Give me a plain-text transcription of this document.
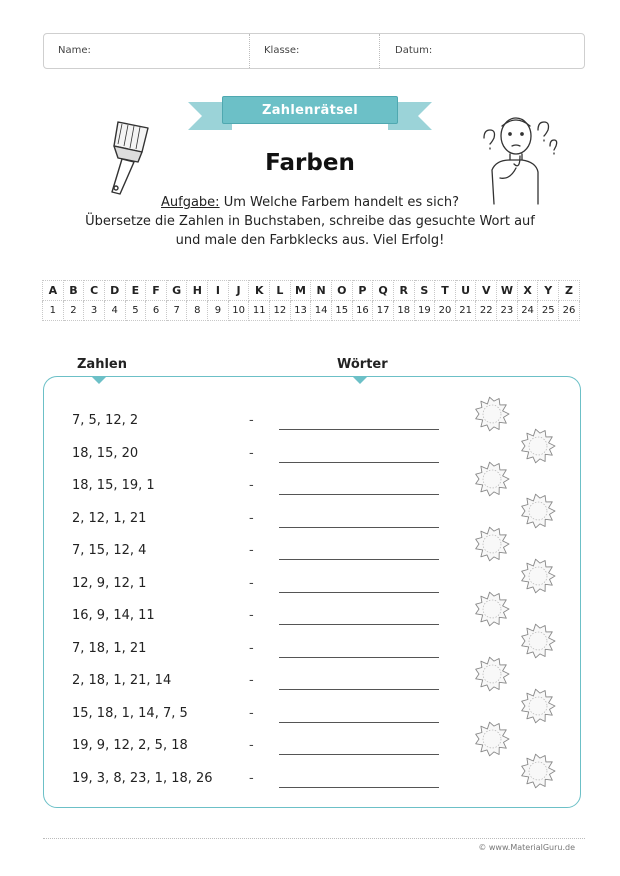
Name:	Klasse:	Datum:
Zahlenrätsel
Farben
Aufgabe: Um Welche Farbem handelt es sich?
Übersetze die Zahlen in Buchstaben, schreibe das gesuchte Wort auf
und male den Farbklecks aus. Viel Erfolg!
A	B	C	D	E	F	G	H	I	J	K	L	M	N	O	P	Q	R	S	T	U	V	W	X	Y	Z
1	2	3	4	5	6	7	8	9	10	11	12	13	14	15	16	17	18	19	20	21	22	23	24	25	26
Zahlen	Wörter
7, 5, 12, 2	-
18, 15, 20	-
18, 15, 19, 1	-
2, 12, 1, 21	-
7, 15, 12, 4	-
12, 9, 12, 1	-
16, 9, 14, 11	-
7, 18, 1, 21	-
2, 18, 1, 21, 14	-
15, 18, 1, 14, 7, 5	-
19, 9, 12, 2, 5, 18	-
19, 3, 8, 23, 1, 18, 26	-
© www.MaterialGuru.de
